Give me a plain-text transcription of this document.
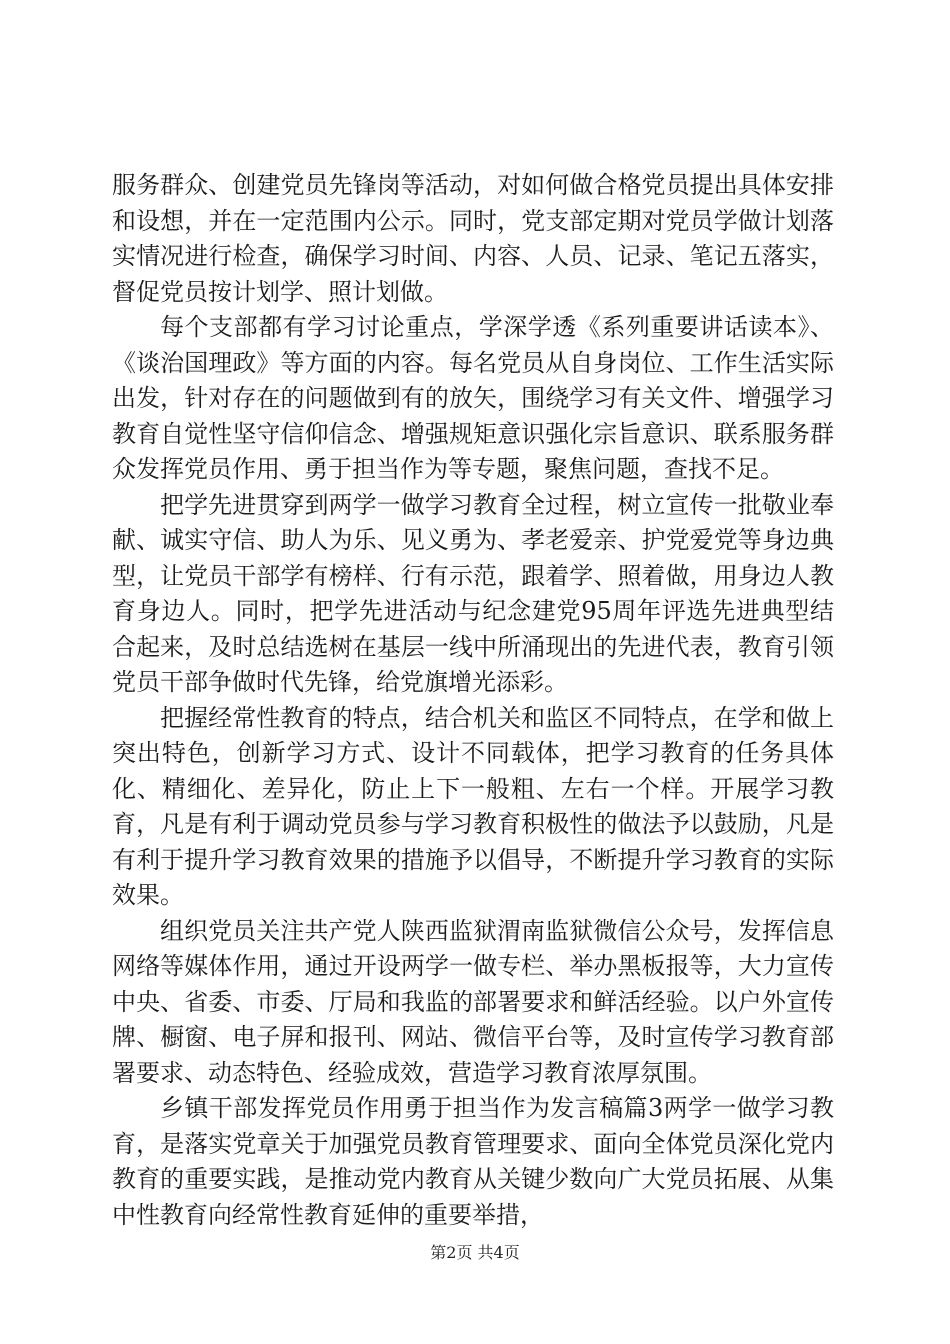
服务群众、创建党员先锋岗等活动，对如何做合格党员提出具体安排和设想，并在一定范围内公示。同时，党支部定期对党员学做计划落实情况进行检查，确保学习时间、内容、人员、记录、笔记五落实，督促党员按计划学、照计划做。

每个支部都有学习讨论重点，学深学透《系列重要讲话读本》、《谈治国理政》等方面的内容。每名党员从自身岗位、工作生活实际出发，针对存在的问题做到有的放矢，围绕学习有关文件、增强学习教育自觉性坚守信仰信念、增强规矩意识强化宗旨意识、联系服务群众发挥党员作用、勇于担当作为等专题，聚焦问题，查找不足。

把学先进贯穿到两学一做学习教育全过程，树立宣传一批敬业奉献、诚实守信、助人为乐、见义勇为、孝老爱亲、护党爱党等身边典型，让党员干部学有榜样、行有示范，跟着学、照着做，用身边人教育身边人。同时，把学先进活动与纪念建党95周年评选先进典型结合起来，及时总结选树在基层一线中所涌现出的先进代表，教育引领党员干部争做时代先锋，给党旗增光添彩。

把握经常性教育的特点，结合机关和监区不同特点，在学和做上突出特色，创新学习方式、设计不同载体，把学习教育的任务具体化、精细化、差异化，防止上下一般粗、左右一个样。开展学习教育，凡是有利于调动党员参与学习教育积极性的做法予以鼓励，凡是有利于提升学习教育效果的措施予以倡导，不断提升学习教育的实际效果。

组织党员关注共产党人陕西监狱渭南监狱微信公众号，发挥信息网络等媒体作用，通过开设两学一做专栏、举办黑板报等，大力宣传中央、省委、市委、厅局和我监的部署要求和鲜活经验。以户外宣传牌、橱窗、电子屏和报刊、网站、微信平台等，及时宣传学习教育部署要求、动态特色、经验成效，营造学习教育浓厚氛围。

乡镇干部发挥党员作用勇于担当作为发言稿篇3两学一做学习教育，是落实党章关于加强党员教育管理要求、面向全体党员深化党内教育的重要实践，是推动党内教育从关键少数向广大党员拓展、从集中性教育向经常性教育延伸的重要举措，

第2页 共4页
